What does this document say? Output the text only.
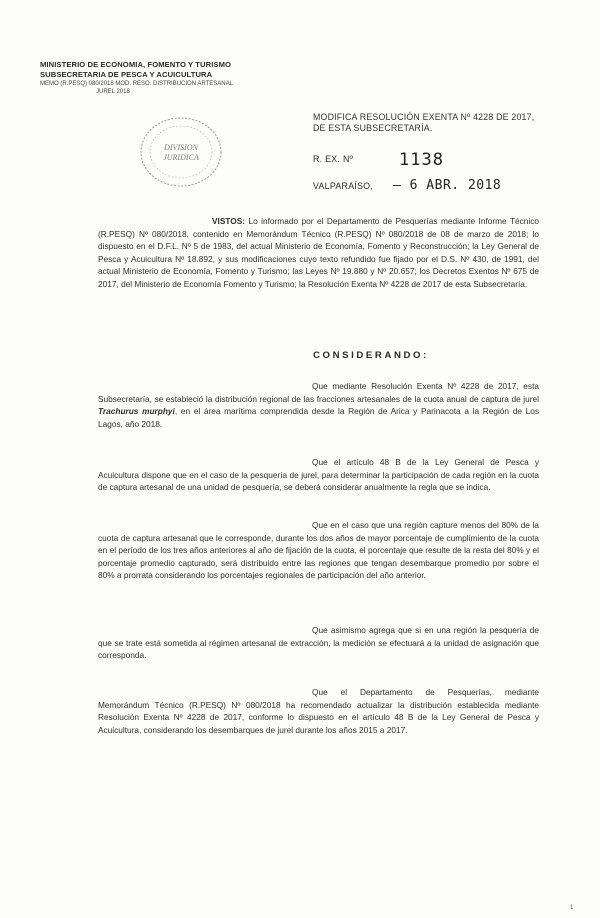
MINISTERIO DE ECONOMIA, FOMENTO Y TURISMO
SUBSECRETARIA DE PESCA Y ACUICULTURA
MEMO (R.PESQ) 080/2018 MOD. RESO. DISTRIBUCION ARTESANAL
JUREL 2018
DIVISION
JURIDICA
MODIFICA RESOLUCIÓN EXENTA Nº 4228 DE 2017,
DE ESTA SUBSECRETARÍA.
R. EX. Nº	1138
VALPARAÍSO, – 6 ABR. 2018
VISTOS: Lo informado por el Departamento de Pesquerías mediante Informe Técnico (R.PESQ) Nº 080/2018, contenido en Memorándum Técnico (R.PESQ) Nº 080/2018 de 08 de marzo de 2018; lo dispuesto en el D.F.L. Nº 5 de 1983, del actual Ministerio de Economía, Fomento y Reconstrucción; la Ley General de Pesca y Acuicultura Nº 18.892, y sus modificaciones cuyo texto refundido fue fijado por el D.S. Nº 430, de 1991, del actual Ministerio de Economía, Fomento y Turismo; las Leyes Nº 19.880 y Nº 20.657; los Decretos Exentos Nº 675 de 2017, del Ministerio de Economía Fomento y Turismo; la Resolución Exenta Nº 4228 de 2017 de esta Subsecretaría.
CONSIDERANDO:
Que mediante Resolución Exenta Nº 4228 de 2017, esta Subsecretaría, se estableció la distribución regional de las fracciones artesanales de la cuota anual de captura de jurel Trachurus murphyi, en el área marítima comprendida desde la Región de Arica y Parinacota a la Región de Los Lagos, año 2018.
Que el artículo 48 B de la Ley General de Pesca y Acuicultura dispone que en el caso de la pesquería de jurel, para determinar la participación de cada región en la cuota de captura artesanal de una unidad de pesquería, se deberá considerar anualmente la regla que se indica.
Que en el caso que una región capture menos del 80% de la cuota de captura artesanal que le corresponde, durante los dos años de mayor porcentaje de cumplimiento de la cuota en el período de los tres años anteriores al año de fijación de la cuota, el porcentaje que resulte de la resta del 80% y el porcentaje promedio capturado, será distribuido entre las regiones que tengan desembarque promedio por sobre el 80% a prorrata considerando los porcentajes regionales de participación del año anterior.
Que asimismo agrega que si en una región la pesquería de que se trate está sometida al régimen artesanal de extracción, la medición se efectuará a la unidad de asignación que corresponda.
Que el Departamento de Pesquerías, mediante Memorándum Técnico (R.PESQ) Nº 080/2018 ha recomendado actualizar la distribución establecida mediante Resolución Exenta Nº 4228 de 2017, conforme lo dispuesto en el artículo 48 B de la Ley General de Pesca y Acuicultura, considerando los desembarques de jurel durante los años 2015 a 2017.
1
